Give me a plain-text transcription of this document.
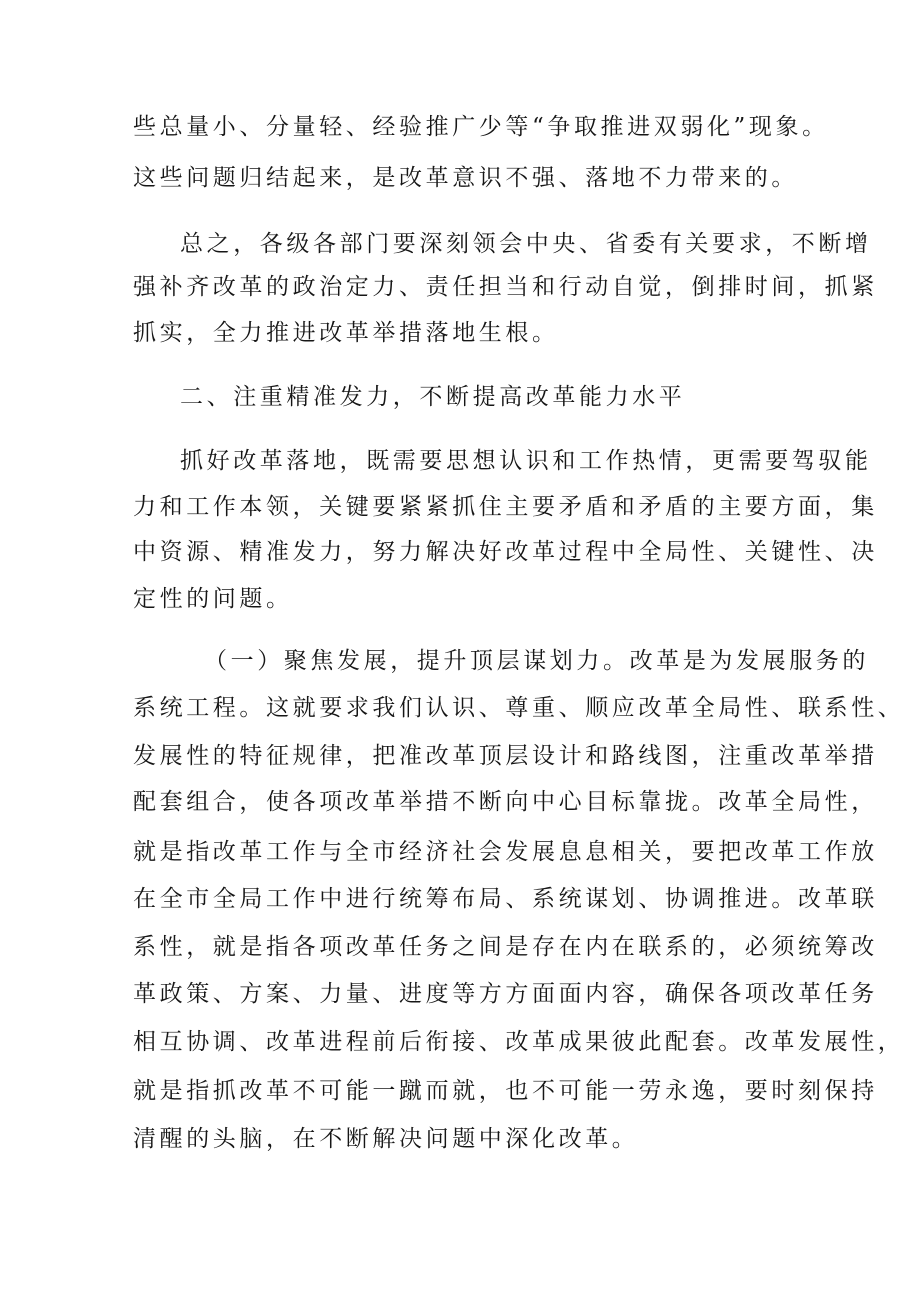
些总量小、分量轻、经验推广少等“争取推进双弱化”现象。

这些问题归结起来，是改革意识不强、落地不力带来的。

总之，各级各部门要深刻领会中央、省委有关要求，不断增

强补齐改革的政治定力、责任担当和行动自觉，倒排时间，抓紧

抓实，全力推进改革举措落地生根。

二、注重精准发力，不断提高改革能力水平

抓好改革落地，既需要思想认识和工作热情，更需要驾驭能

力和工作本领，关键要紧紧抓住主要矛盾和矛盾的主要方面，集

中资源、精准发力，努力解决好改革过程中全局性、关键性、决

定性的问题。

（一）聚焦发展，提升顶层谋划力。改革是为发展服务的

系统工程。这就要求我们认识、尊重、顺应改革全局性、联系性、

发展性的特征规律，把准改革顶层设计和路线图，注重改革举措

配套组合，使各项改革举措不断向中心目标靠拢。改革全局性，

就是指改革工作与全市经济社会发展息息相关，要把改革工作放

在全市全局工作中进行统筹布局、系统谋划、协调推进。改革联

系性，就是指各项改革任务之间是存在内在联系的，必须统筹改

革政策、方案、力量、进度等方方面面内容，确保各项改革任务

相互协调、改革进程前后衔接、改革成果彼此配套。改革发展性，

就是指抓改革不可能一蹴而就，也不可能一劳永逸，要时刻保持

清醒的头脑，在不断解决问题中深化改革。
